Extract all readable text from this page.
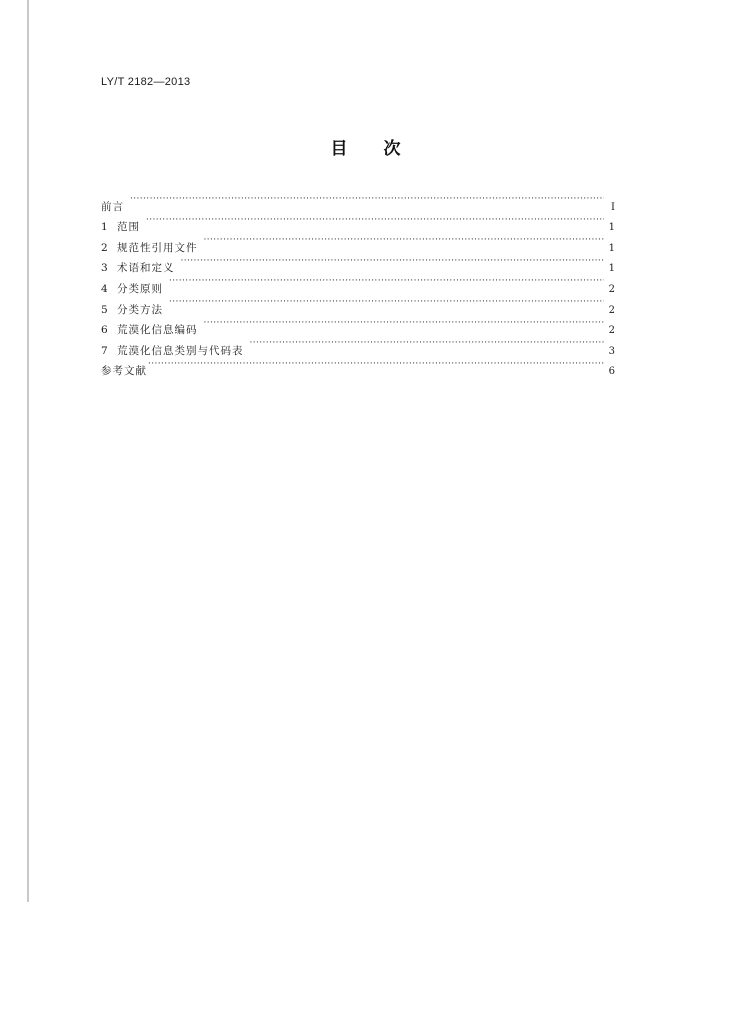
LY/T 2182—2013
目 次
前言 ·····	Ⅰ
1 范围 ·····	1
2 规范性引用文件 ·····	1
3 术语和定义 ·····	1
4 分类原则 ·····	2
5 分类方法 ·····	2
6 荒漠化信息编码 ·····	2
7 荒漠化信息类别与代码表 ·····	3
参考文献 ·····	6
